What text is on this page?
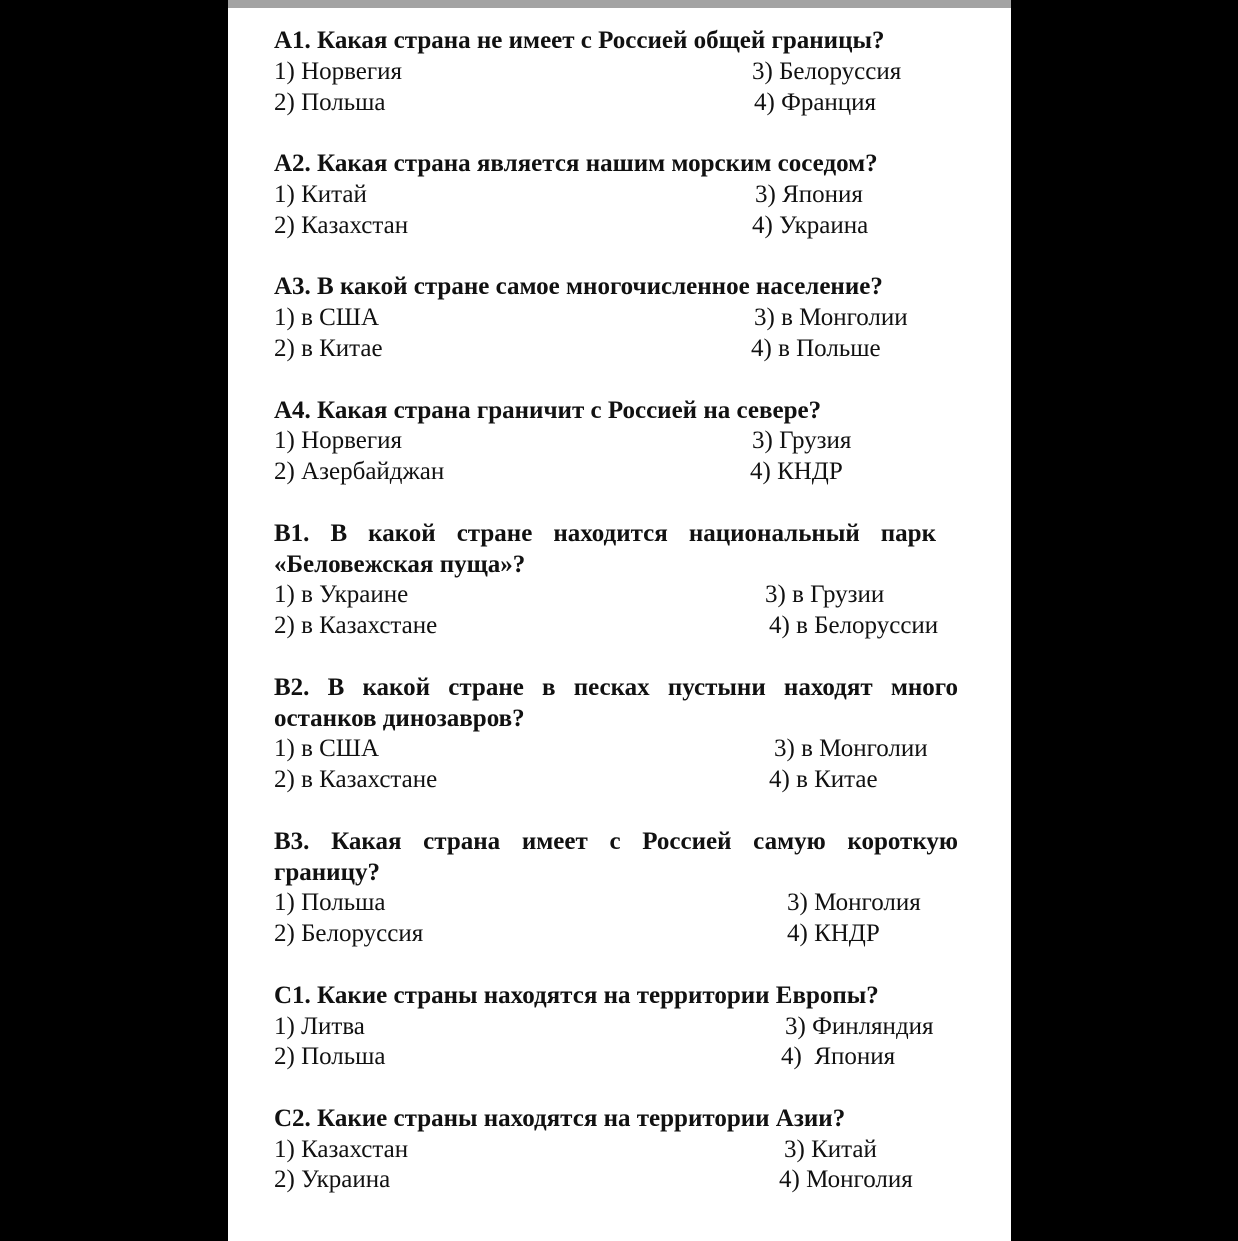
А1. Какая страна не имеет с Россией общей границы?
1) Норвегия	3) Белоруссия
2) Польша	4) Франция
А2. Какая страна является нашим морским соседом?
1) Китай	3) Япония
2) Казахстан	4) Украина
А3. В какой стране самое многочисленное население?
1) в США	3) в Монголии
2) в Китае	4) в Польше
А4. Какая страна граничит с Россией на севере?
1) Норвегия	3) Грузия
2) Азербайджан	4) КНДР
В1. В какой стране находится национальный парк «Беловежская пуща»?
1) в Украине	3) в Грузии
2) в Казахстане	4) в Белоруссии
В2. В какой стране в песках пустыни находят много останков динозавров?
1) в США	3) в Монголии
2) в Казахстане	4) в Китае
В3. Какая страна имеет с Россией самую короткую границу?
1) Польша	3) Монголия
2) Белоруссия	4) КНДР
С1. Какие страны находятся на территории Европы?
1) Литва	3) Финляндия
2) Польша	4)  Япония
С2. Какие страны находятся на территории Азии?
1) Казахстан	3) Китай
2) Украина	4) Монголия
